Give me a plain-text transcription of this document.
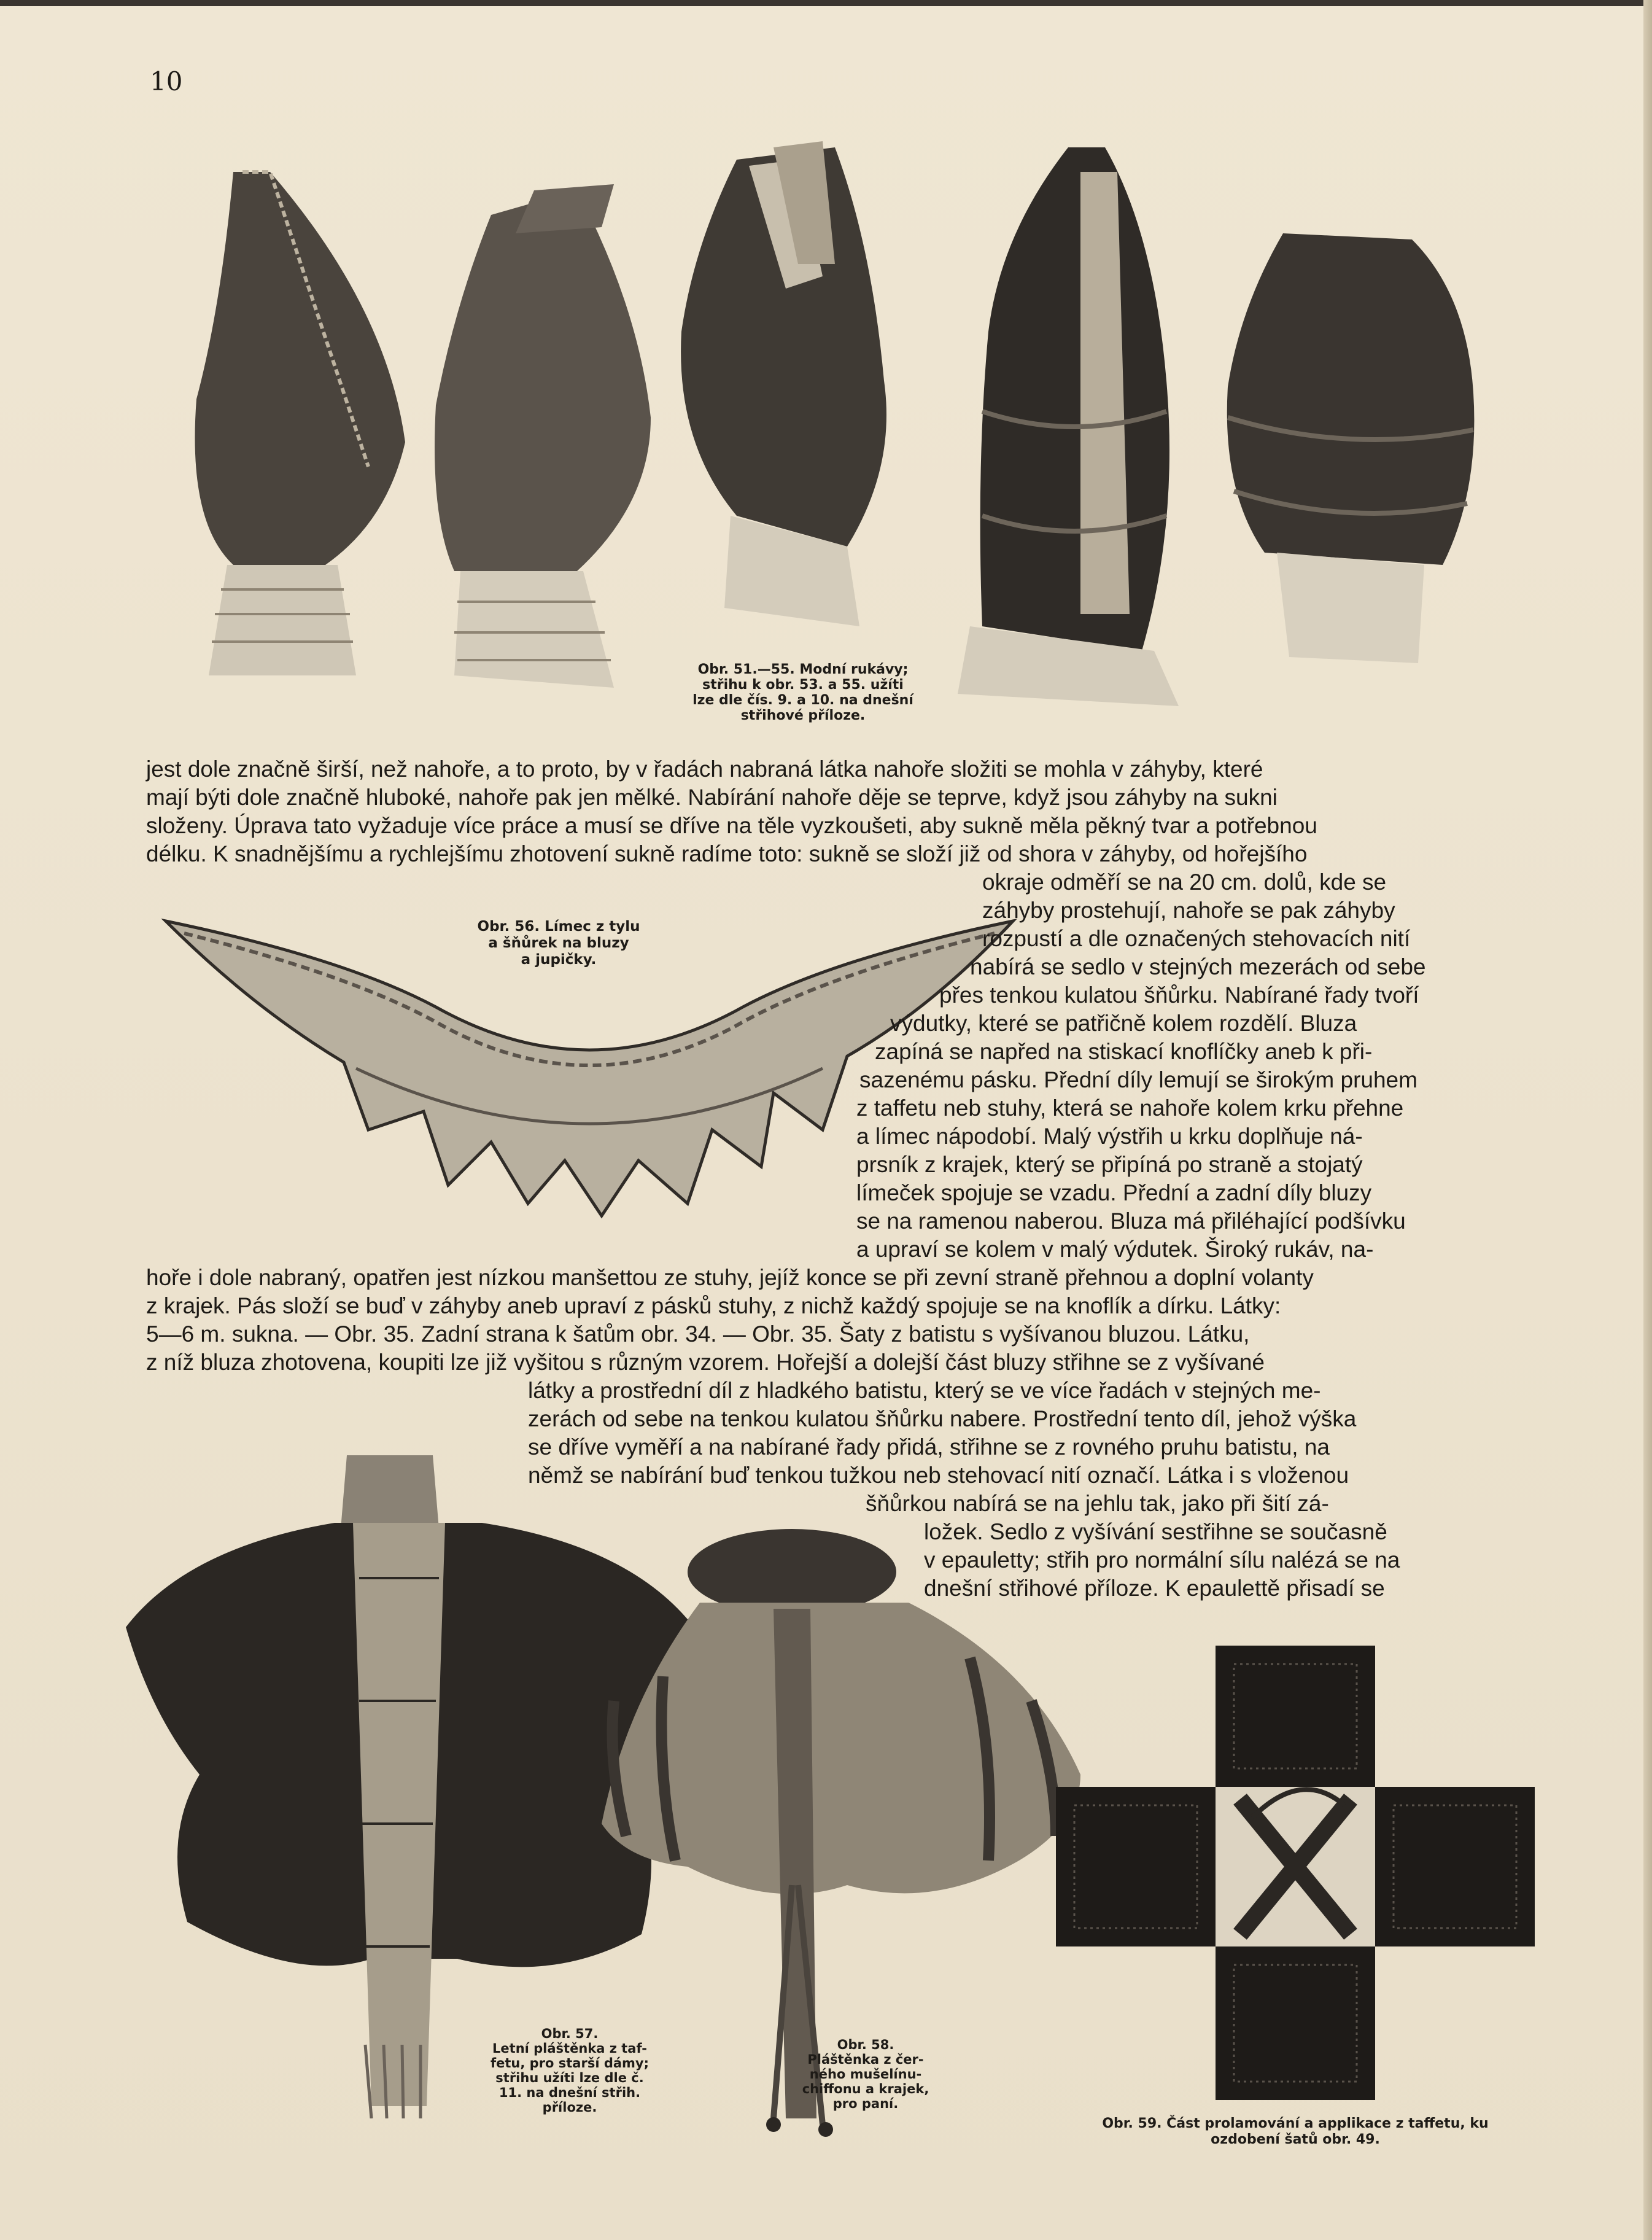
10
Obr. 51.—55. Modní rukávy;
střihu k obr. 53. a 55. užíti
lze dle čís. 9. a 10. na dnešní
střihové příloze.
Obr. 56. Límec z tylu
a šňůrek na bluzy
a jupičky.
Obr. 57.
Letní pláštěnka z taf-
fetu, pro starší dámy;
střihu užíti lze dle č.
11. na dnešní střih.
příloze.
Obr. 58.
Pláštěnka z čer-
ného mušelínu-
chiffonu a krajek,
pro paní.
Obr. 59. Část prolamování a applikace z taffetu, ku
ozdobení šatů obr. 49.
jest dole značně širší, než nahoře, a to proto, by v řadách nabraná látka nahoře složiti se mohla v záhyby, které
mají býti dole značně hluboké, nahoře pak jen mělké. Nabírání nahoře děje se teprve, když jsou záhyby na sukni
složeny. Úprava tato vyžaduje více práce a musí se dříve na těle vyzkoušeti, aby sukně měla pěkný tvar a potřebnou
délku. K snadnějšímu a rychlejšímu zhotovení sukně radíme toto: sukně se složí již od shora v záhyby, od hořejšího
okraje odměří se na 20 cm. dolů, kde se
záhyby prostehují, nahoře se pak záhyby
rozpustí a dle označených stehovacích nití
nabírá se sedlo v stejných mezerách od sebe
přes tenkou kulatou šňůrku. Nabírané řady tvoří
výdutky, které se patřičně kolem rozdělí. Bluza
zapíná se napřed na stiskací knoflíčky aneb k při-
sazenému pásku. Přední díly lemují se širokým pruhem
z taffetu neb stuhy, která se nahoře kolem krku přehne
a límec nápodobí. Malý výstřih u krku doplňuje ná-
prsník z krajek, který se připíná po straně a stojatý
límeček spojuje se vzadu. Přední a zadní díly bluzy
se na ramenou naberou. Bluza má přiléhající podšívku
a upraví se kolem v malý výdutek. Široký rukáv, na-
hoře i dole nabraný, opatřen jest nízkou manšettou ze stuhy, jejíž konce se při zevní straně přehnou a doplní volanty
z krajek. Pás složí se buď v záhyby aneb upraví z pásků stuhy, z nichž každý spojuje se na knoflík a dírku. Látky:
5—6 m. sukna. — Obr. 35. Zadní strana k šatům obr. 34. — Obr. 35. Šaty z batistu s vyšívanou bluzou. Látku,
z níž bluza zhotovena, koupiti lze již vyšitou s různým vzorem. Hořejší a dolejší část bluzy střihne se z vyšívané
látky a prostřední díl z hladkého batistu, který se ve více řadách v stejných me-
zerách od sebe na tenkou kulatou šňůrku nabere. Prostřední tento díl, jehož výška
se dříve vyměří a na nabírané řady přidá, střihne se z rovného pruhu batistu, na
němž se nabírání buď tenkou tužkou neb stehovací nití označí. Látka i s vloženou
šňůrkou nabírá se na jehlu tak, jako při šití zá-
ložek. Sedlo z vyšívání sestřihne se současně
v epauletty; střih pro normální sílu nalézá se na
dnešní střihové příloze. K epaulettě přisadí se
